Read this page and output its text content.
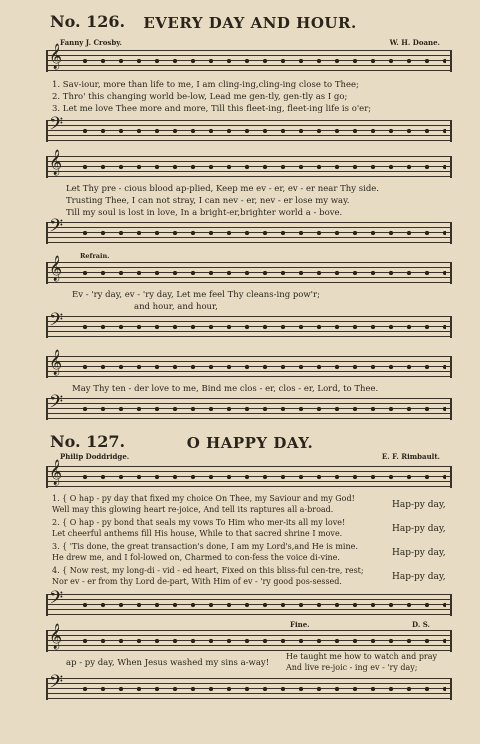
No. 126.	EVERY DAY AND HOUR.
Fanny J. Crosby.	W. H. Doane.
𝄞
1. Sav-iour, more than life to me, I am cling-ing,cling-ing close to Thee;
2. Thro' this changing world be-low, Lead me gen-tly, gen-tly as I go;
3. Let me love Thee more and more, Till this fleet-ing, fleet-ing life is o'er;
𝄢
𝄞
Let Thy pre - cious blood ap-plied, Keep me ev - er, ev - er near Thy side.
Trusting Thee, I can not stray, I can nev - er, nev - er lose my way.
Till my soul is lost in love, In a bright-er,brighter world a - bove.
𝄢
Refrain.
𝄞
Ev - 'ry day, ev - 'ry day, Let me feel Thy cleans-ing pow'r;
and hour, and hour,
𝄢
𝄞
May Thy ten - der love to me, Bind me clos - er, clos - er, Lord, to Thee.
𝄢
No. 127.	O HAPPY DAY.
Philip Doddridge.	E. F. Rimbault.
𝄞
1. { O hap - py day that fixed my choice On Thee, my Saviour and my God!
Well may this glowing heart re-joice, And tell its raptures all a-broad.
2. { O hap - py bond that seals my vows To Him who mer-its all my love!
Let cheerful anthems fill His house, While to that sacred shrine I move.
3. { 'Tis done, the great transaction's done, I am my Lord's,and He is mine.
He drew me, and I fol-lowed on, Charmed to con-fess the voice di-vine.
4. { Now rest, my long-di - vid - ed heart, Fixed on this bliss-ful cen-tre, rest;
Nor ev - er from thy Lord de-part, With Him of ev - 'ry good pos-sessed.
Hap-py day,
Hap-py day,
Hap-py day,
Hap-py day,
𝄢
Fine.	D. S.
𝄞
ap - py day, When Jesus washed my sins a-way!
He taught me how to watch and pray
And live re-joic - ing ev - 'ry day;
𝄢
